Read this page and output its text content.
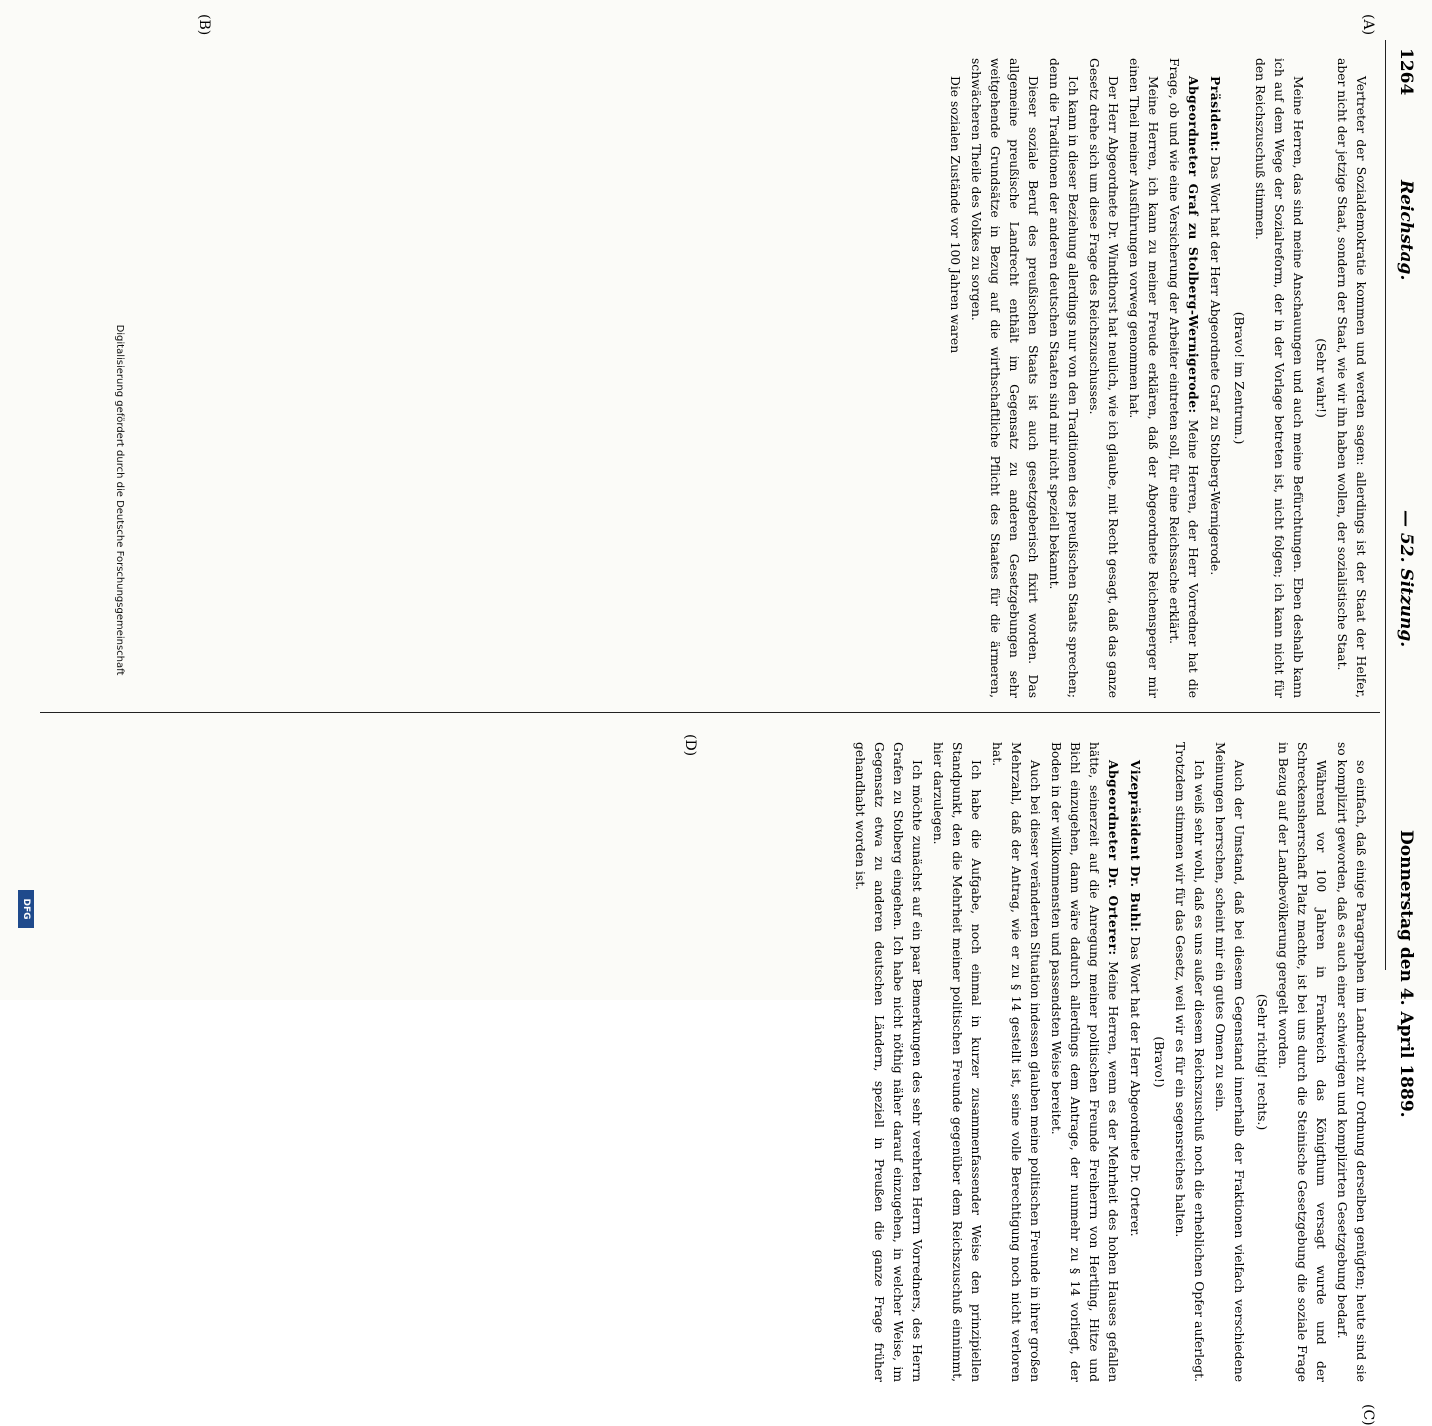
1264
Reichstag.
— 52. Sitzung.
Donnerstag den 4. April 1889.
(A)
(B)
(C)
(D)

Vertreter der Sozialdemokratie kommen und werden sagen: allerdings ist der Staat der Helfer, aber nicht der jetzige Staat, sondern der Staat, wie wir ihn haben wollen, der sozialistische Staat.

(Sehr wahr!)

Meine Herren, das sind meine Anschauungen und auch meine Befürchtungen. Eben deshalb kann ich auf dem Wege der Sozialreform, der in der Vorlage betreten ist, nicht folgen; ich kann nicht für den Reichszuschuß stimmen.

(Bravo! im Zentrum.)

Präsident: Das Wort hat der Herr Abgeordnete Graf zu Stolberg-Wernigerode.

Abgeordneter Graf zu Stolberg-Wernigerode: Meine Herren, der Herr Vorredner hat die Frage, ob und wie eine Versicherung der Arbeiter eintreten soll, für eine Reichssache erklärt.

Meine Herren, ich kann zu meiner Freude erklären, daß der Abgeordnete Reichensperger mir einen Theil meiner Ausführungen vorweg genommen hat.

Der Herr Abgeordnete Dr. Windthorst hat neulich, wie ich glaube, mit Recht gesagt, daß das ganze Gesetz drehe sich um diese Frage des Reichszuschusses.

Ich kann in dieser Beziehung allerdings nur von den Traditionen des preußischen Staats sprechen; denn die Traditionen der anderen deutschen Staaten sind mir nicht speziell bekannt.

Dieser soziale Beruf des preußischen Staats ist auch gesetzgeberisch fixirt worden. Das allgemeine preußische Landrecht enthält im Gegensatz zu anderen Gesetzgebungen sehr weitgehende Grundsätze in Bezug auf die wirthschaftliche Pflicht des Staates für die ärmeren, schwächeren Theile des Volkes zu sorgen.

Die sozialen Zustände vor 100 Jahren waren

so einfach, daß einige Paragraphen im Landrecht zur Ordnung derselben genügten; heute sind sie so komplizirt geworden, daß es auch einer schwierigen und komplizirten Gesetzgebung bedarf.

Während vor 100 Jahren in Frankreich das Königthum versagt wurde und der Schreckensherrschaft Platz machte, ist bei uns durch die Steinische Gesetzgebung die soziale Frage in Bezug auf der Landbevölkerung geregelt worden.

(Sehr richtig! rechts.)

Auch der Umstand, daß bei diesem Gegenstand innerhalb der Fraktionen vielfach verschiedene Meinungen herrschen, scheint mir ein gutes Omen zu sein.

Ich weiß sehr wohl, daß es uns außer diesem Reichszuschuß noch die erheblichen Opfer auferlegt. Trotzdem stimmen wir für das Gesetz, weil wir es für ein segensreiches halten.

(Bravo!)

Vizepräsident Dr. Buhl: Das Wort hat der Herr Abgeordnete Dr. Orterer.

Abgeordneter Dr. Orterer: Meine Herren, wenn es der Mehrheit des hohen Hauses gefallen hätte, seinerzeit auf die Anregung meiner politischen Freunde Freiherrn von Hertling, Hitze und Bichl einzugehen, dann wäre dadurch allerdings dem Antrage, der nunmehr zu § 14 vorliegt, der Boden in der willkommensten und passendsten Weise bereitet.

Auch bei dieser veränderten Situation indessen glauben meine politischen Freunde in ihrer großen Mehrzahl, daß der Antrag, wie er zu § 14 gestellt ist, seine volle Berechtigung noch nicht verloren hat.

Ich habe die Aufgabe, noch einmal in kurzer zusammenfassender Weise den prinzipiellen Standpunkt, den die Mehrheit meiner politischen Freunde gegenüber dem Reichszuschuß einnimmt, hier darzulegen.

Ich möchte zunächst auf ein paar Bemerkungen des sehr verehrten Herrn Vorredners, des Herrn Grafen zu Stolberg eingehen. Ich habe nicht nöthig näher darauf einzugehen, in welcher Weise, im Gegensatz etwa zu anderen deutschen Ländern, speziell in Preußen die ganze Frage früher gehandhabt worden ist.

Digitalisierung gefördert durch die Deutsche Forschungsgemeinschaft
DFG
